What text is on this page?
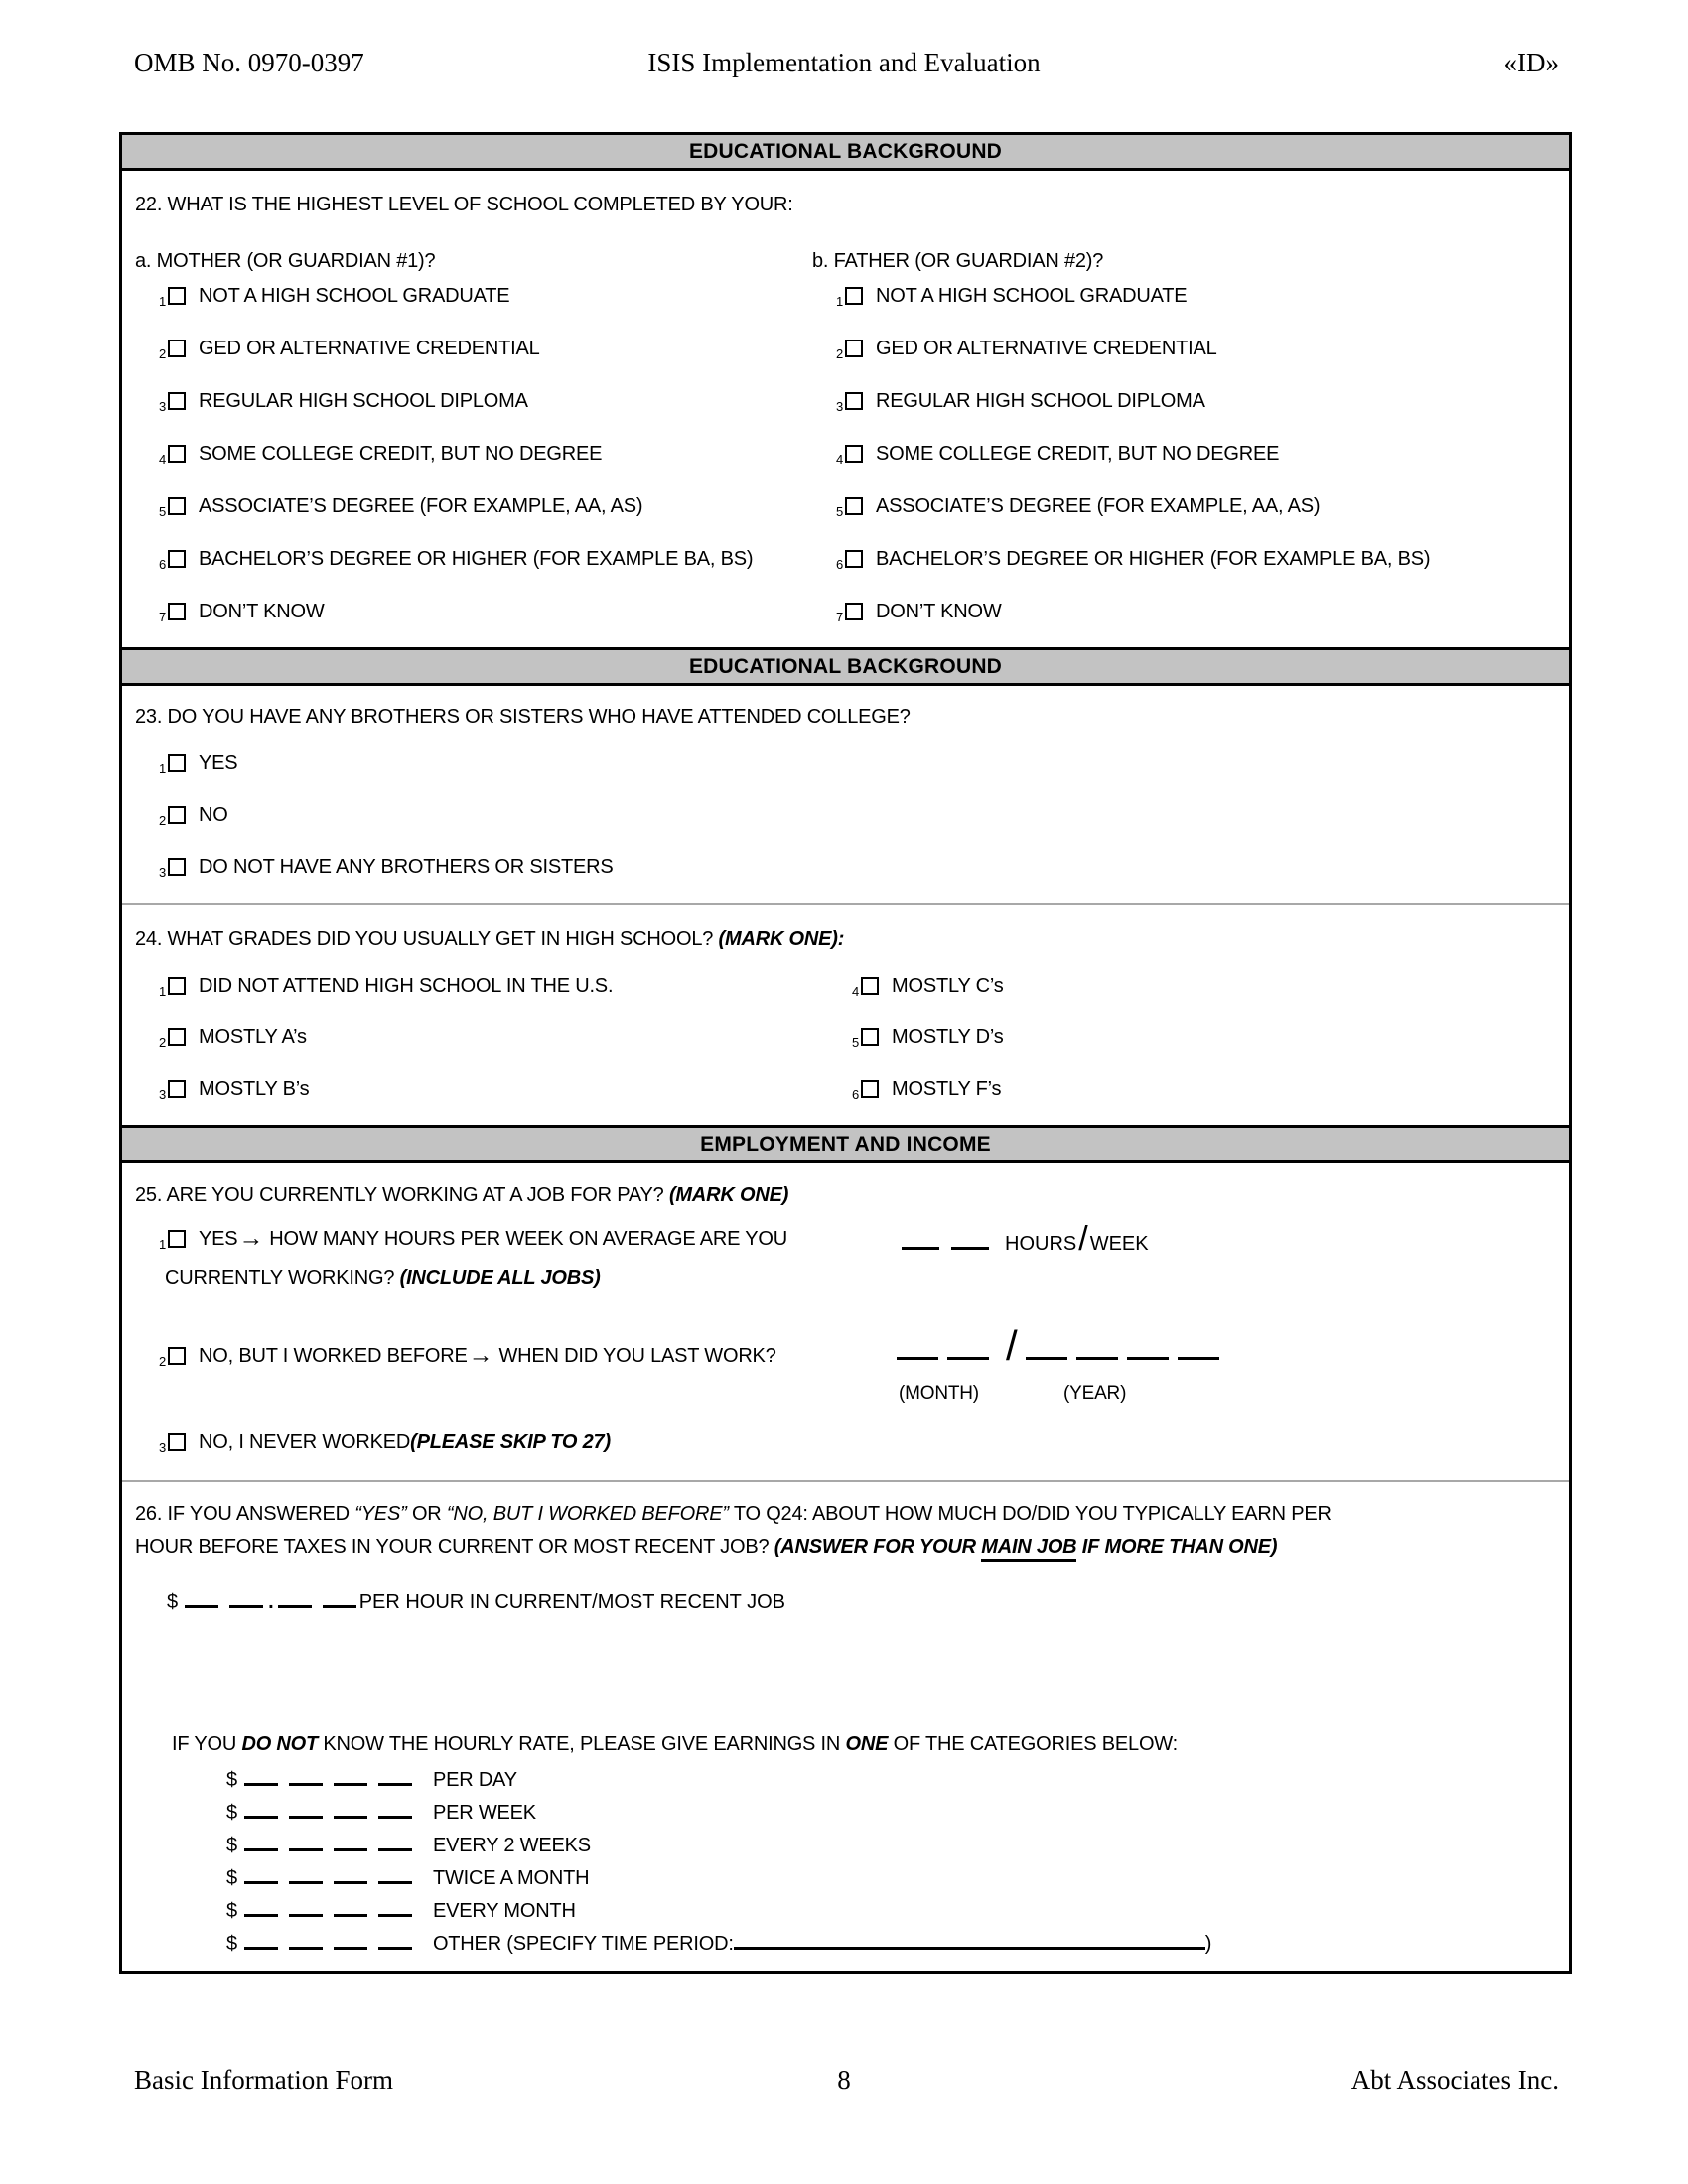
OMB No. 0970-0397	ISIS Implementation and Evaluation	«ID»
EDUCATIONAL BACKGROUND
22. WHAT IS THE HIGHEST LEVEL OF SCHOOL COMPLETED BY YOUR:
a. MOTHER (OR GUARDIAN #1)?
1 NOT A HIGH SCHOOL GRADUATE
2 GED OR ALTERNATIVE CREDENTIAL
3 REGULAR HIGH SCHOOL DIPLOMA
4 SOME COLLEGE CREDIT, BUT NO DEGREE
5 ASSOCIATE’S DEGREE (FOR EXAMPLE, AA, AS)
6 BACHELOR’S DEGREE OR HIGHER (FOR EXAMPLE BA, BS)
7 DON’T KNOW
b. FATHER (OR GUARDIAN #2)?
1 NOT A HIGH SCHOOL GRADUATE
2 GED OR ALTERNATIVE CREDENTIAL
3 REGULAR HIGH SCHOOL DIPLOMA
4 SOME COLLEGE CREDIT, BUT NO DEGREE
5 ASSOCIATE’S DEGREE (FOR EXAMPLE, AA, AS)
6 BACHELOR’S DEGREE OR HIGHER (FOR EXAMPLE BA, BS)
7 DON’T KNOW
EDUCATIONAL BACKGROUND
23. DO YOU HAVE ANY BROTHERS OR SISTERS WHO HAVE ATTENDED COLLEGE?
1 YES
2 NO
3 DO NOT HAVE ANY BROTHERS OR SISTERS
24. WHAT GRADES DID YOU USUALLY GET IN HIGH SCHOOL? (MARK ONE):
1 DID NOT ATTEND HIGH SCHOOL IN THE U.S.
2 MOSTLY A’s
3 MOSTLY B’s
4 MOSTLY C’s
5 MOSTLY D’s
6 MOSTLY F’s
EMPLOYMENT AND INCOME
25. ARE YOU CURRENTLY WORKING AT A JOB FOR PAY? (MARK ONE)
1 YES → HOW MANY HOURS PER WEEK ON AVERAGE ARE YOU
CURRENTLY WORKING? (INCLUDE ALL JOBS)
HOURS / WEEK
2 NO, BUT I WORKED BEFORE → WHEN DID YOU LAST WORK?	/
(MONTH)	(YEAR)
3 NO, I NEVER WORKED (PLEASE SKIP TO 27)
26. IF YOU ANSWERED “YES” OR “NO, BUT I WORKED BEFORE” TO Q24: ABOUT HOW MUCH DO/DID YOU TYPICALLY EARN PER
HOUR BEFORE TAXES IN YOUR CURRENT OR MOST RECENT JOB? (ANSWER FOR YOUR MAIN JOB IF MORE THAN ONE)
$	.	PER HOUR IN CURRENT/MOST RECENT JOB
IF YOU DO NOT KNOW THE HOURLY RATE, PLEASE GIVE EARNINGS IN ONE OF THE CATEGORIES BELOW:
$	PER DAY
$	PER WEEK
$	EVERY 2 WEEKS
$	TWICE A MONTH
$	EVERY MONTH
$	OTHER (SPECIFY TIME PERIOD:	)
Basic Information Form	8	Abt Associates Inc.
